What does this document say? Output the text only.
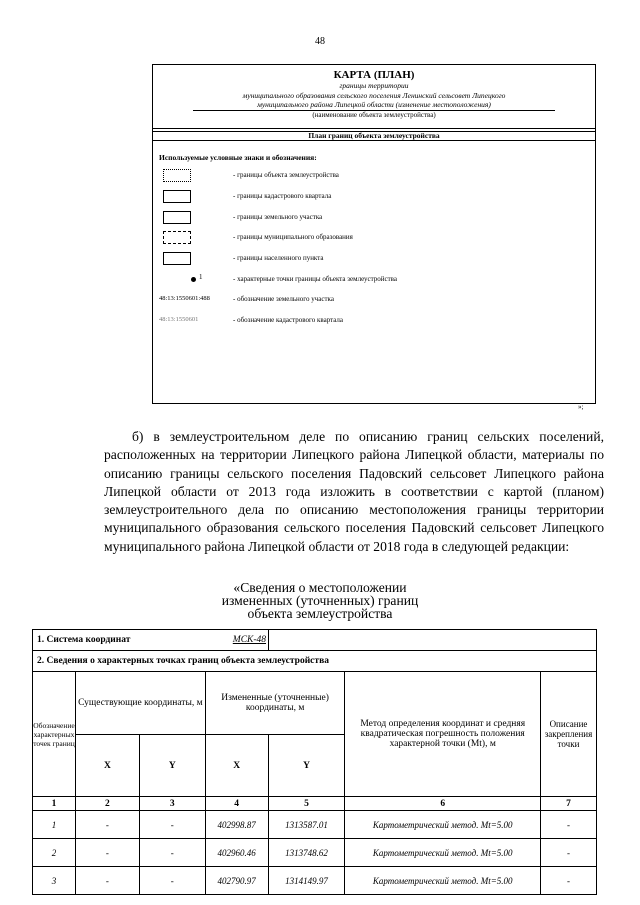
48
КАРТА (ПЛАН)
границы территории
муниципального образования сельского поселения Ленинский сельсовет Липецкого
муниципального района Липецкой области (изменение местоположения)
(наименование объекта землеустройства)
План границ объекта землеустройства
Используемые условные знаки и обозначения:
- границы объекта землеустройства
- границы кадастрового квартала
- границы земельного участка
- границы муниципального образования
- границы населенного пункта
1	- характерные точки границы объекта землеустройства
48:13:1550601:488	- обозначение земельного участка
48:13:1550601	- обозначение кадастрового квартала
»;

б) в землеустроительном деле по описанию границ сельских поселений, расположенных на территории Липецкого района Липецкой области, материалы по описанию границы сельского поселения Падовский сельсовет Липецкого района Липецкой области от 2013 года изложить в соответствии с картой (планом) землеустроительного дела по описанию местоположения границы территории муниципального образования сельского поселения Падовский сельсовет Липецкого муниципального района Липецкой области от 2018 года в следующей редакции:

«Сведения о местоположении
измененных (уточненных) границ
объекта землеустройства
1. Система координат МСК-48						
2. Сведения о характерных точках границ объекта землеустройства						
Обозначение характерных точек границ	Существующие координаты, м		Измененные (уточненные) координаты, м		Метод определения координат и средняя квадратическая погрешность положения характерной точки (Mt), м	Описание закрепления точки
	X	Y	X	Y		
1	2	3	4	5	6	7
1	-	-	402998.87	1313587.01	Картометрический метод. Mt=5.00	-
2	-	-	402960.46	1313748.62	Картометрический метод. Mt=5.00	-
3	-	-	402790.97	1314149.97	Картометрический метод. Mt=5.00	-
